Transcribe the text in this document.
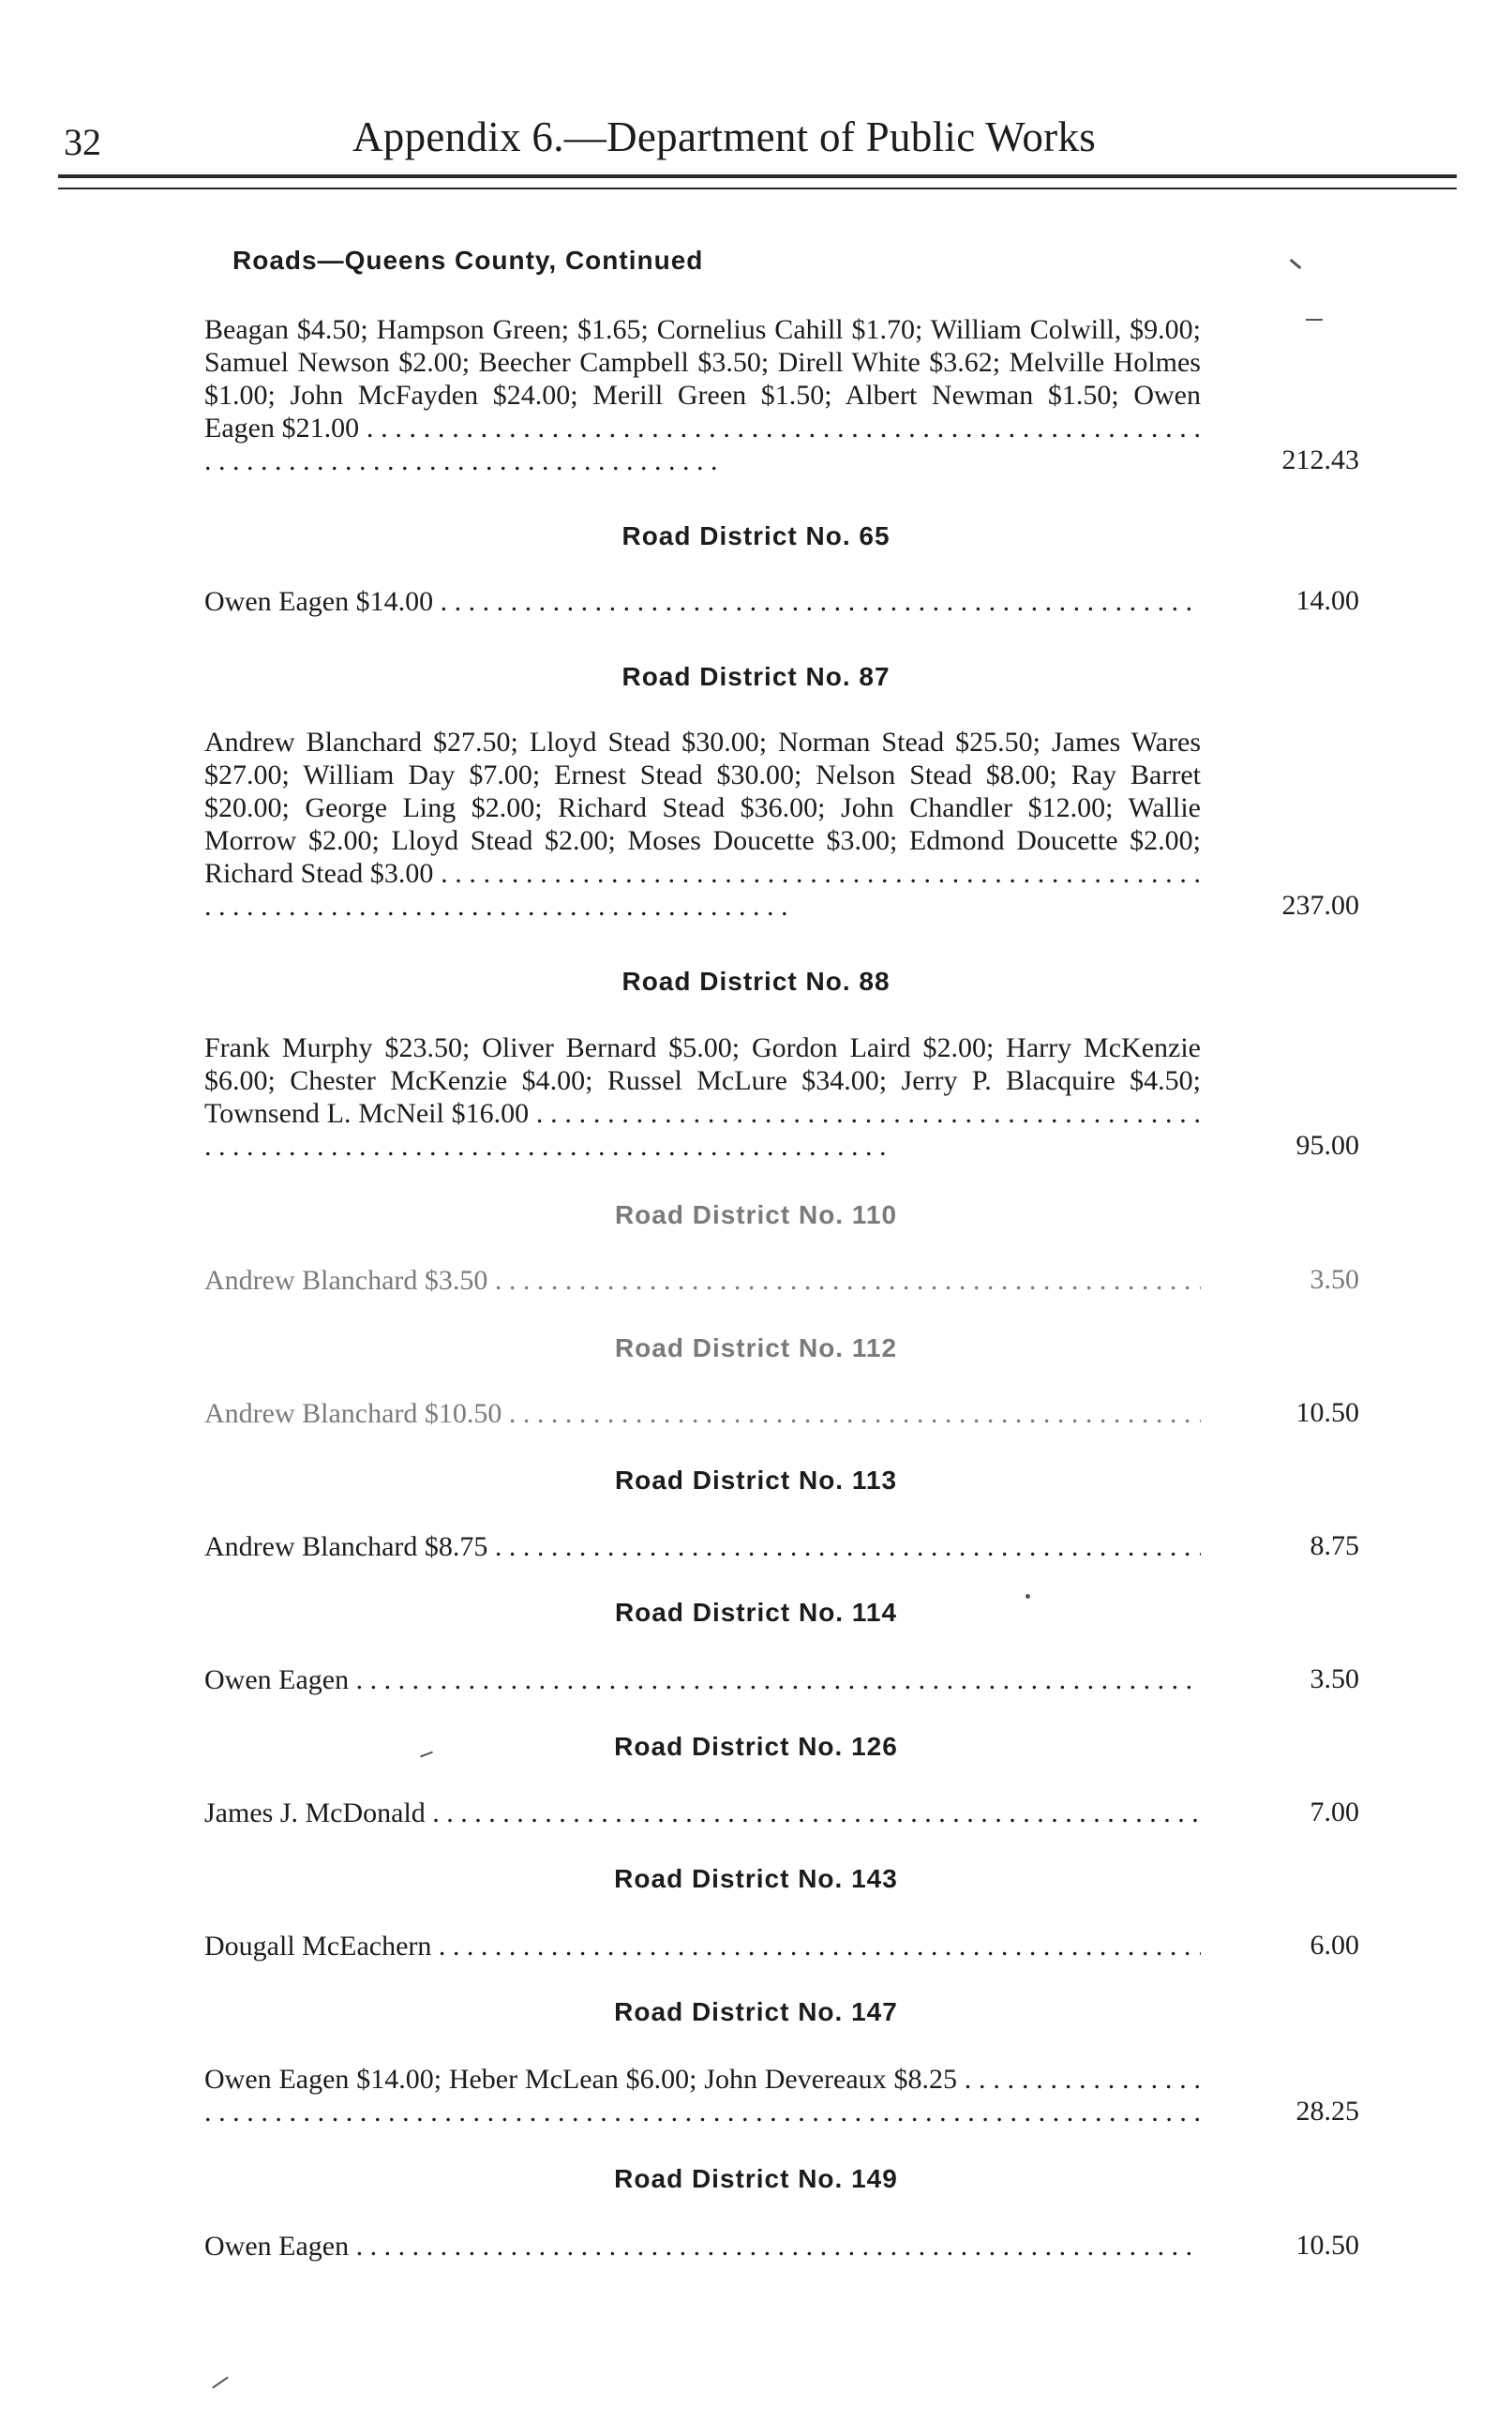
32	Appendix 6.—Department of Public Works
Roads—Queens County, Continued

Beagan $4.50; Hampson Green; $1.65; Cornelius Cahill $1.70; William Colwill, $9.00; Samuel Newson $2.00; Beecher Campbell $3.50; Direll White $3.62; Melville Holmes $1.00; John McFayden $24.00; Merill Green $1.50; Albert Newman $1.50; Owen Eagen $21.00 . . .

212.43
Road District No. 65

Owen Eagen $14.00 . . .	14.00
Road District No. 87

Andrew Blanchard $27.50; Lloyd Stead $30.00; Norman Stead $25.50; James Wares $27.00; William Day $7.00; Ernest Stead $30.00; Nelson Stead $8.00; Ray Barret $20.00; George Ling $2.00; Richard Stead $36.00; John Chandler $12.00; Wallie Morrow $2.00; Lloyd Stead $2.00; Moses Doucette $3.00; Edmond Doucette $2.00; Richard Stead $3.00 . . .

237.00
Road District No. 88

Frank Murphy $23.50; Oliver Bernard $5.00; Gordon Laird $2.00; Harry McKenzie $6.00; Chester McKenzie $4.00; Russel McLure $34.00; Jerry P. Blacquire $4.50; Townsend L. McNeil $16.00 . . .

95.00
Road District No. 110

Andrew Blanchard $3.50 . . .	3.50
Road District No. 112

Andrew Blanchard $10.50 . . .	10.50
Road District No. 113

Andrew Blanchard $8.75 . . .	8.75
Road District No. 114

Owen Eagen . . .	3.50
Road District No. 126

James J. McDonald . . .	7.00
Road District No. 143

Dougall McEachern . . .	6.00
Road District No. 147

Owen Eagen $14.00; Heber McLean $6.00; John Devereaux $8.25 . . .

28.25
Road District No. 149

Owen Eagen . . .	10.50
